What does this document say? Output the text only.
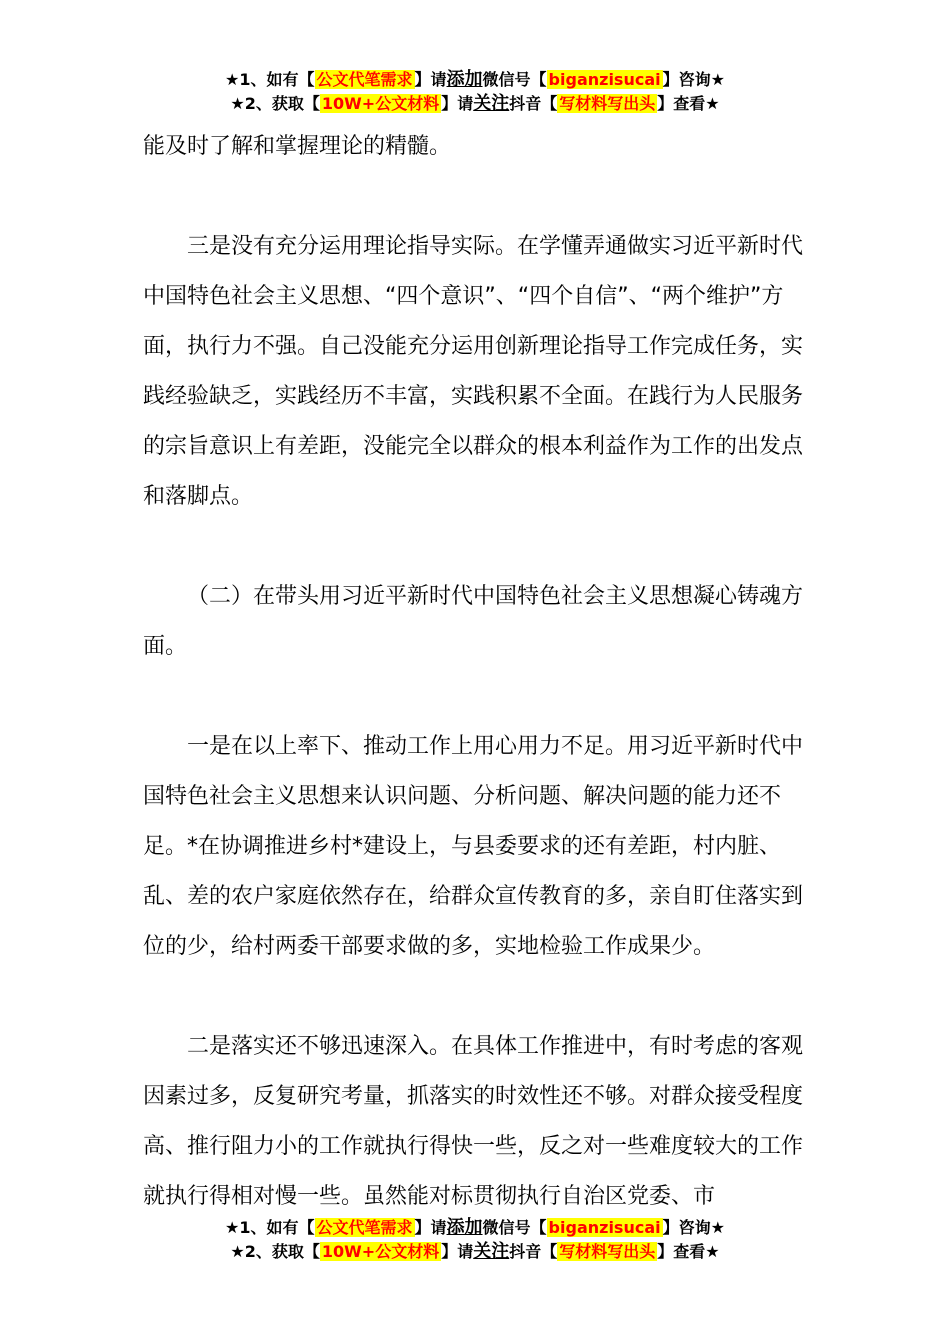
★1、如有【 公文代笔需求 】请添加微信号【 biganzisucai 】咨询★
★2、获取【 10W+公文材料 】请关注抖音【 写材料写出头 】查看★

能及时了解和掌握理论的精髓。

三是没有充分运用理论指导实际。在学懂弄通做实习近平新时代中国特色社会主义思想、“四个意识”、“四个自信”、“两个维护”方面，执行力不强。自己没能充分运用创新理论指导工作完成任务，实践经验缺乏，实践经历不丰富，实践积累不全面。在践行为人民服务的宗旨意识上有差距，没能完全以群众的根本利益作为工作的出发点和落脚点。

（二）在带头用习近平新时代中国特色社会主义思想凝心铸魂方面。

一是在以上率下、推动工作上用心用力不足。用习近平新时代中国特色社会主义思想来认识问题、分析问题、解决问题的能力还不足。*在协调推进乡村*建设上，与县委要求的还有差距，村内脏、乱、差的农户家庭依然存在，给群众宣传教育的多，亲自盯住落实到位的少，给村两委干部要求做的多，实地检验工作成果少。

二是落实还不够迅速深入。在具体工作推进中，有时考虑的客观因素过多，反复研究考量，抓落实的时效性还不够。对群众接受程度高、推行阻力小的工作就执行得快一些，反之对一些难度较大的工作就执行得相对慢一些。虽然能对标贯彻执行自治区党委、市

★1、如有【 公文代笔需求 】请添加微信号【 biganzisucai 】咨询★
★2、获取【 10W+公文材料 】请关注抖音【 写材料写出头 】查看★
